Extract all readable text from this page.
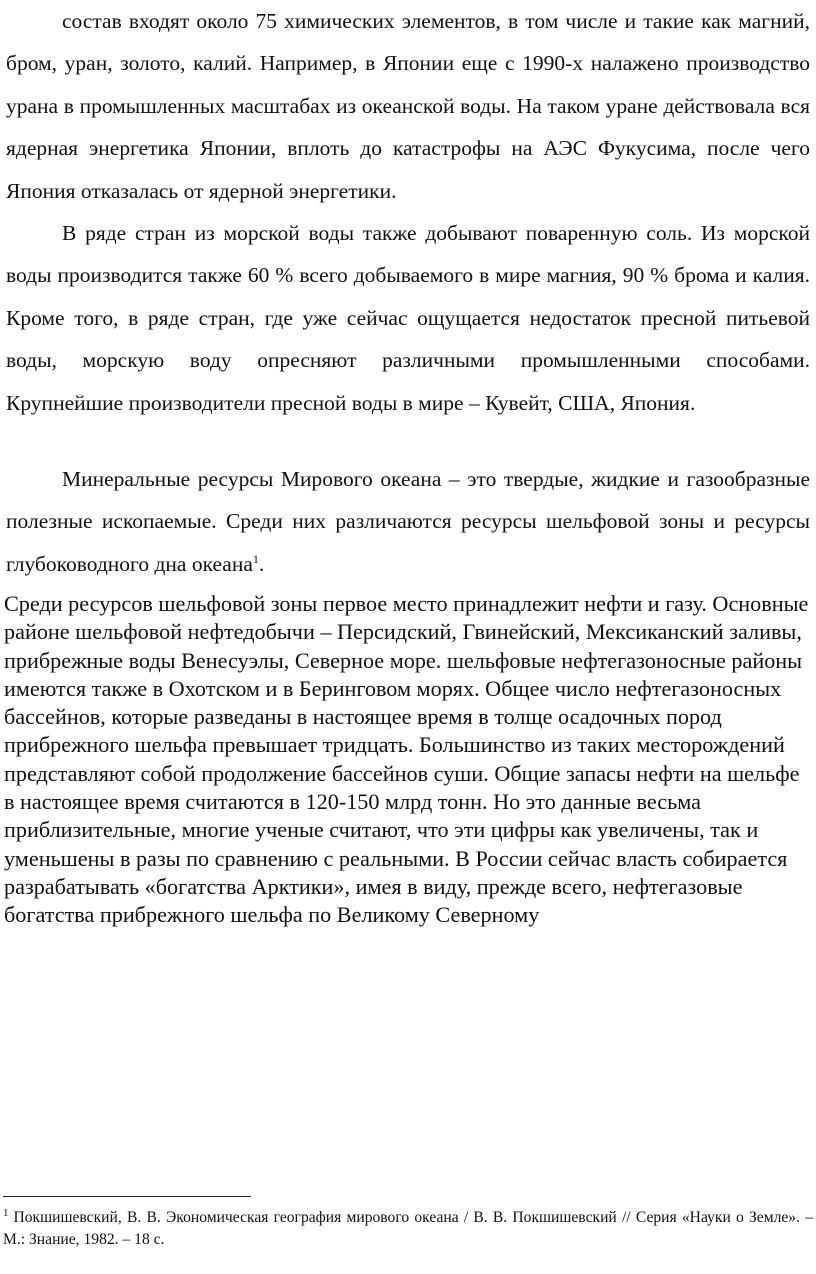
состав входят около 75 химических элементов, в том числе и такие как магний, бром, уран, золото, калий. Например, в Японии еще с 1990-х налажено производство урана в промышленных масштабах из океанской воды. На таком уране действовала вся ядерная энергетика Японии, вплоть до катастрофы на АЭС Фукусима, после чего Япония отказалась от ядерной энергетики.

В ряде стран из морской воды также добывают поваренную соль. Из морской воды производится также 60 % всего добываемого в мире магния, 90 % брома и калия. Кроме того, в ряде стран, где уже сейчас ощущается недостаток пресной питьевой воды, морскую воду опресняют различными промышленными способами. Крупнейшие производители пресной воды в мире – Кувейт, США, Япония.

Минеральные ресурсы Мирового океана – это твердые, жидкие и газообразные полезные ископаемые. Среди них различаются ресурсы шельфовой зоны и ресурсы глубоководного дна океана$^1$.

Среди ресурсов шельфовой зоны первое место принадлежит нефти и газу. Основные районе шельфовой нефтедобычи – Персидский, Гвинейский, Мексиканский заливы, прибрежные воды Венесуэлы, Северное море. шельфовые нефтегазоносные районы имеются также в Охотском и в Беринговом морях. Общее число нефтегазоносных бассейнов, которые разведаны в настоящее время в толще осадочных пород прибрежного шельфа превышает тридцать. Большинство из таких месторождений представляют собой продолжение бассейнов суши. Общие запасы нефти на шельфе в настоящее время считаются в 120-150 млрд тонн. Но это данные весьма приблизительные, многие ученые считают, что эти цифры как увеличены, так и уменьшены в разы по сравнению с реальными. В России сейчас власть собирается разрабатывать «богатства Арктики», имея в виду, прежде всего, нефтегазовые богатства прибрежного шельфа по Великому Северному

$^1$ Покшишевский, В. В. Экономическая география мирового океана / В. В. Покшишевский // Серия «Науки о Земле». – М.: Знание, 1982. – 18 с.
